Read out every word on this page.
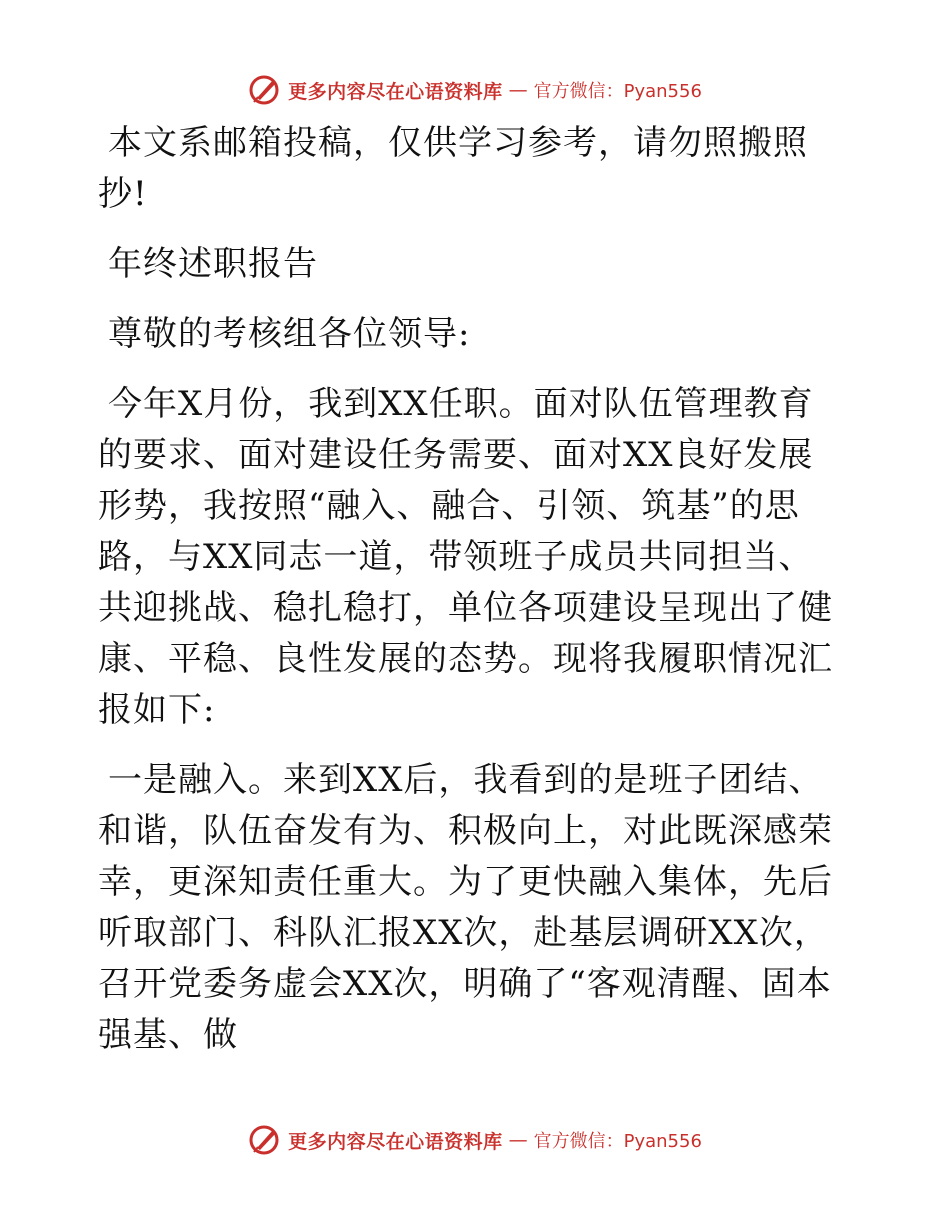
更多内容尽在心语资料库 — 官方微信：Pyan556

本文系邮箱投稿，仅供学习参考，请勿照搬照抄!

年终述职报告

尊敬的考核组各位领导:

今年X月份，我到XX任职。面对队伍管理教育的要求、面对建设任务需要、面对XX良好发展形势，我按照“融入、融合、引领、筑基”的思路，与XX同志一道，带领班子成员共同担当、共迎挑战、稳扎稳打，单位各项建设呈现出了健康、平稳、良性发展的态势。现将我履职情况汇报如下:

一是融入。来到XX后，我看到的是班子团结、和谐，队伍奋发有为、积极向上，对此既深感荣幸，更深知责任重大。为了更快融入集体，先后听取部门、科队汇报XX次，赴基层调研XX次，召开党委务虚会XX次，明确了“客观清醒、固本强基、做

更多内容尽在心语资料库 — 官方微信：Pyan556
